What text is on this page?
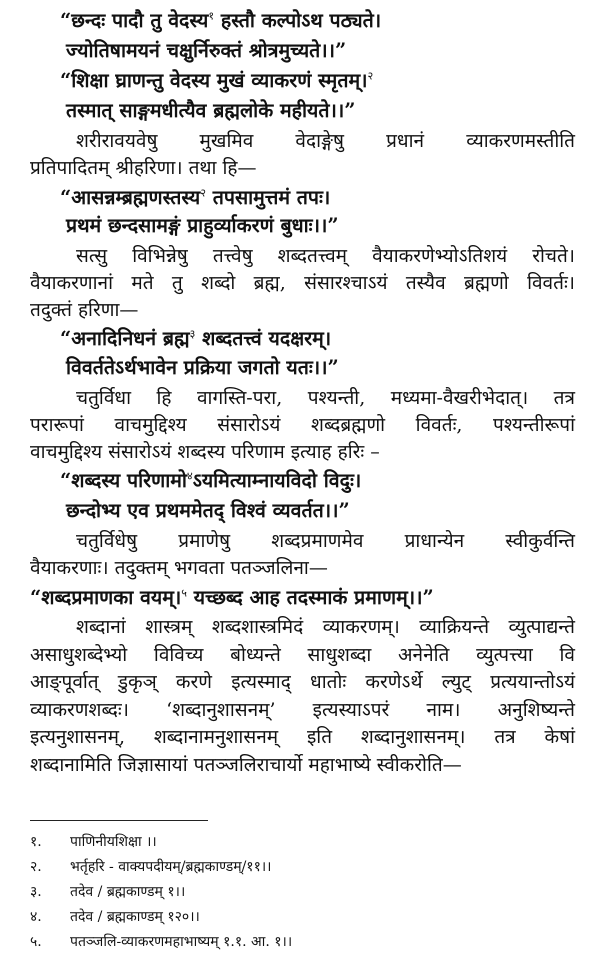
“छन्दः पादौ तु वेदस्य$^१$ हस्तौ कल्पोऽथ पठ्यते।
ज्योतिषामयनं चक्षुर्निरुक्तं श्रोत्रमुच्यते।।”
“शिक्षा घ्राणन्तु वेदस्य मुखं व्याकरणं स्मृतम्।$^२$
तस्मात् साङ्गमधीत्यैव ब्रह्मलोके महीयते।।”
शरीरावयवेषु मुखमिव वेदाङ्गेषु प्रधानं व्याकरणमस्तीति
प्रतिपादितम् श्रीहरिणा। तथा हि—
“आसन्नम्ब्रह्मणस्तस्य$^२$ तपसामुत्तमं तपः।
प्रथमं छन्दसामङ्गं प्राहुर्व्याकरणं बुधाः।।”
सत्सु विभिन्नेषु तत्त्वेषु शब्दतत्त्वम् वैयाकरणेभ्योऽतिशयं रोचते।
वैयाकरणानां मते तु शब्दो ब्रह्म, संसारश्चाऽयं तस्यैव ब्रह्मणो विवर्तः।
तदुक्तं हरिणा—
“अनादिनिधनं ब्रह्म$^३$ शब्दतत्त्वं यदक्षरम्।
विवर्ततेऽर्थभावेन प्रक्रिया जगतो यतः।।”
चतुर्विधा हि वागस्ति-परा, पश्यन्ती, मध्यमा-वैखरीभेदात्। तत्र
परारूपां वाचमुद्दिश्य संसारोऽयं शब्दब्रह्मणो विवर्तः, पश्यन्तीरूपां
वाचमुद्दिश्य संसारोऽयं शब्दस्य परिणाम इत्याह हरिः –
“शब्दस्य परिणामो$^४$ऽयमित्याम्नायविदो विदुः।
छन्दोभ्य एव प्रथममेतद् विश्वं व्यवर्तत।।”
चतुर्विधेषु प्रमाणेषु शब्दप्रमाणमेव प्राधान्येन स्वीकुर्वन्ति
वैयाकरणाः। तदुक्तम् भगवता पतञ्जलिना—
“शब्दप्रमाणका वयम्।$^५$ यच्छब्द आह तदस्माकं प्रमाणम्।।”
शब्दानां शास्त्रम् शब्दशास्त्रमिदं व्याकरणम्। व्याक्रियन्ते व्युत्पाद्यन्ते
असाधुशब्देभ्यो विविच्य बोध्यन्ते साधुशब्दा अनेनेति व्युत्पत्त्या वि
आङ्पूर्वात् डुकृञ् करणे इत्यस्माद् धातोः करणेऽर्थे ल्युट् प्रत्ययान्तोऽयं
व्याकरणशब्दः। ‘शब्दानुशासनम्’ इत्यस्याऽपरं नाम। अनुशिष्यन्ते
इत्यनुशासनम्, शब्दानामनुशासनम् इति शब्दानुशासनम्। तत्र केषां
शब्दानामिति जिज्ञासायां पतञ्जलिराचार्यो महाभाष्ये स्वीकरोति—
१. पाणिनीयशिक्षा ।।
२. भर्तृहरि - वाक्यपदीयम्/ब्रह्मकाण्डम्/११।।
३. तदेव / ब्रह्मकाण्डम् १।।
४. तदेव / ब्रह्मकाण्डम् १२०।।
५. पतञ्जलि-व्याकरणमहाभाष्यम् १.१. आ. १।।
